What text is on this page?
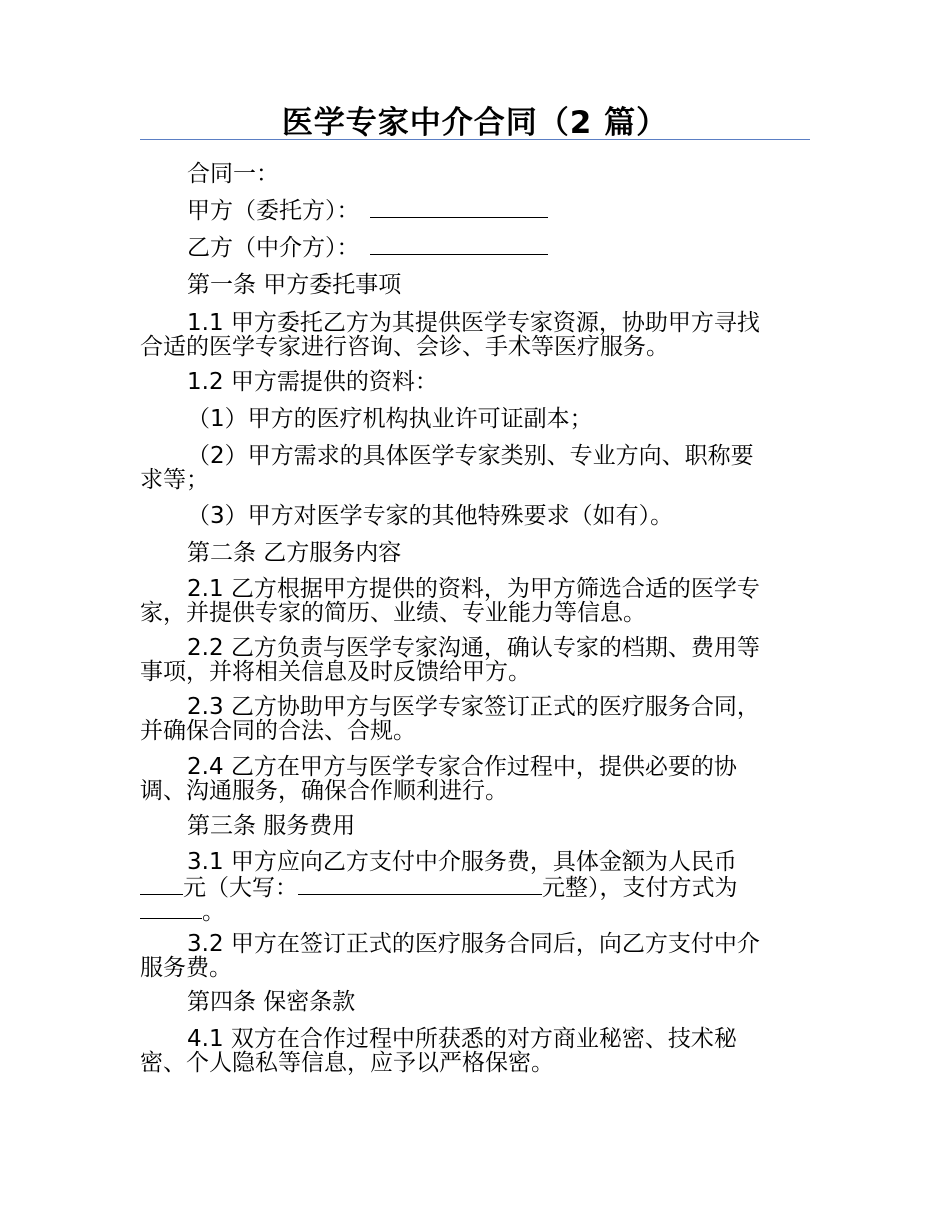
医学专家中介合同（2 篇）
合同一：
甲方（委托方）：
乙方（中介方）：
第一条 甲方委托事项
1.1 甲方委托乙方为其提供医学专家资源，协助甲方寻找
合适的医学专家进行咨询、会诊、手术等医疗服务。
1.2 甲方需提供的资料：
（1）甲方的医疗机构执业许可证副本；
（2）甲方需求的具体医学专家类别、专业方向、职称要
求等；
（3）甲方对医学专家的其他特殊要求（如有）。
第二条 乙方服务内容
2.1 乙方根据甲方提供的资料，为甲方筛选合适的医学专
家，并提供专家的简历、业绩、专业能力等信息。
2.2 乙方负责与医学专家沟通，确认专家的档期、费用等
事项，并将相关信息及时反馈给甲方。
2.3 乙方协助甲方与医学专家签订正式的医疗服务合同，
并确保合同的合法、合规。
2.4 乙方在甲方与医学专家合作过程中，提供必要的协
调、沟通服务，确保合作顺利进行。
第三条 服务费用
3.1 甲方应向乙方支付中介服务费，具体金额为人民币
元（大写：	元整），支付方式为
。
3.2 甲方在签订正式的医疗服务合同后，向乙方支付中介
服务费。
第四条 保密条款
4.1 双方在合作过程中所获悉的对方商业秘密、技术秘
密、个人隐私等信息，应予以严格保密。
